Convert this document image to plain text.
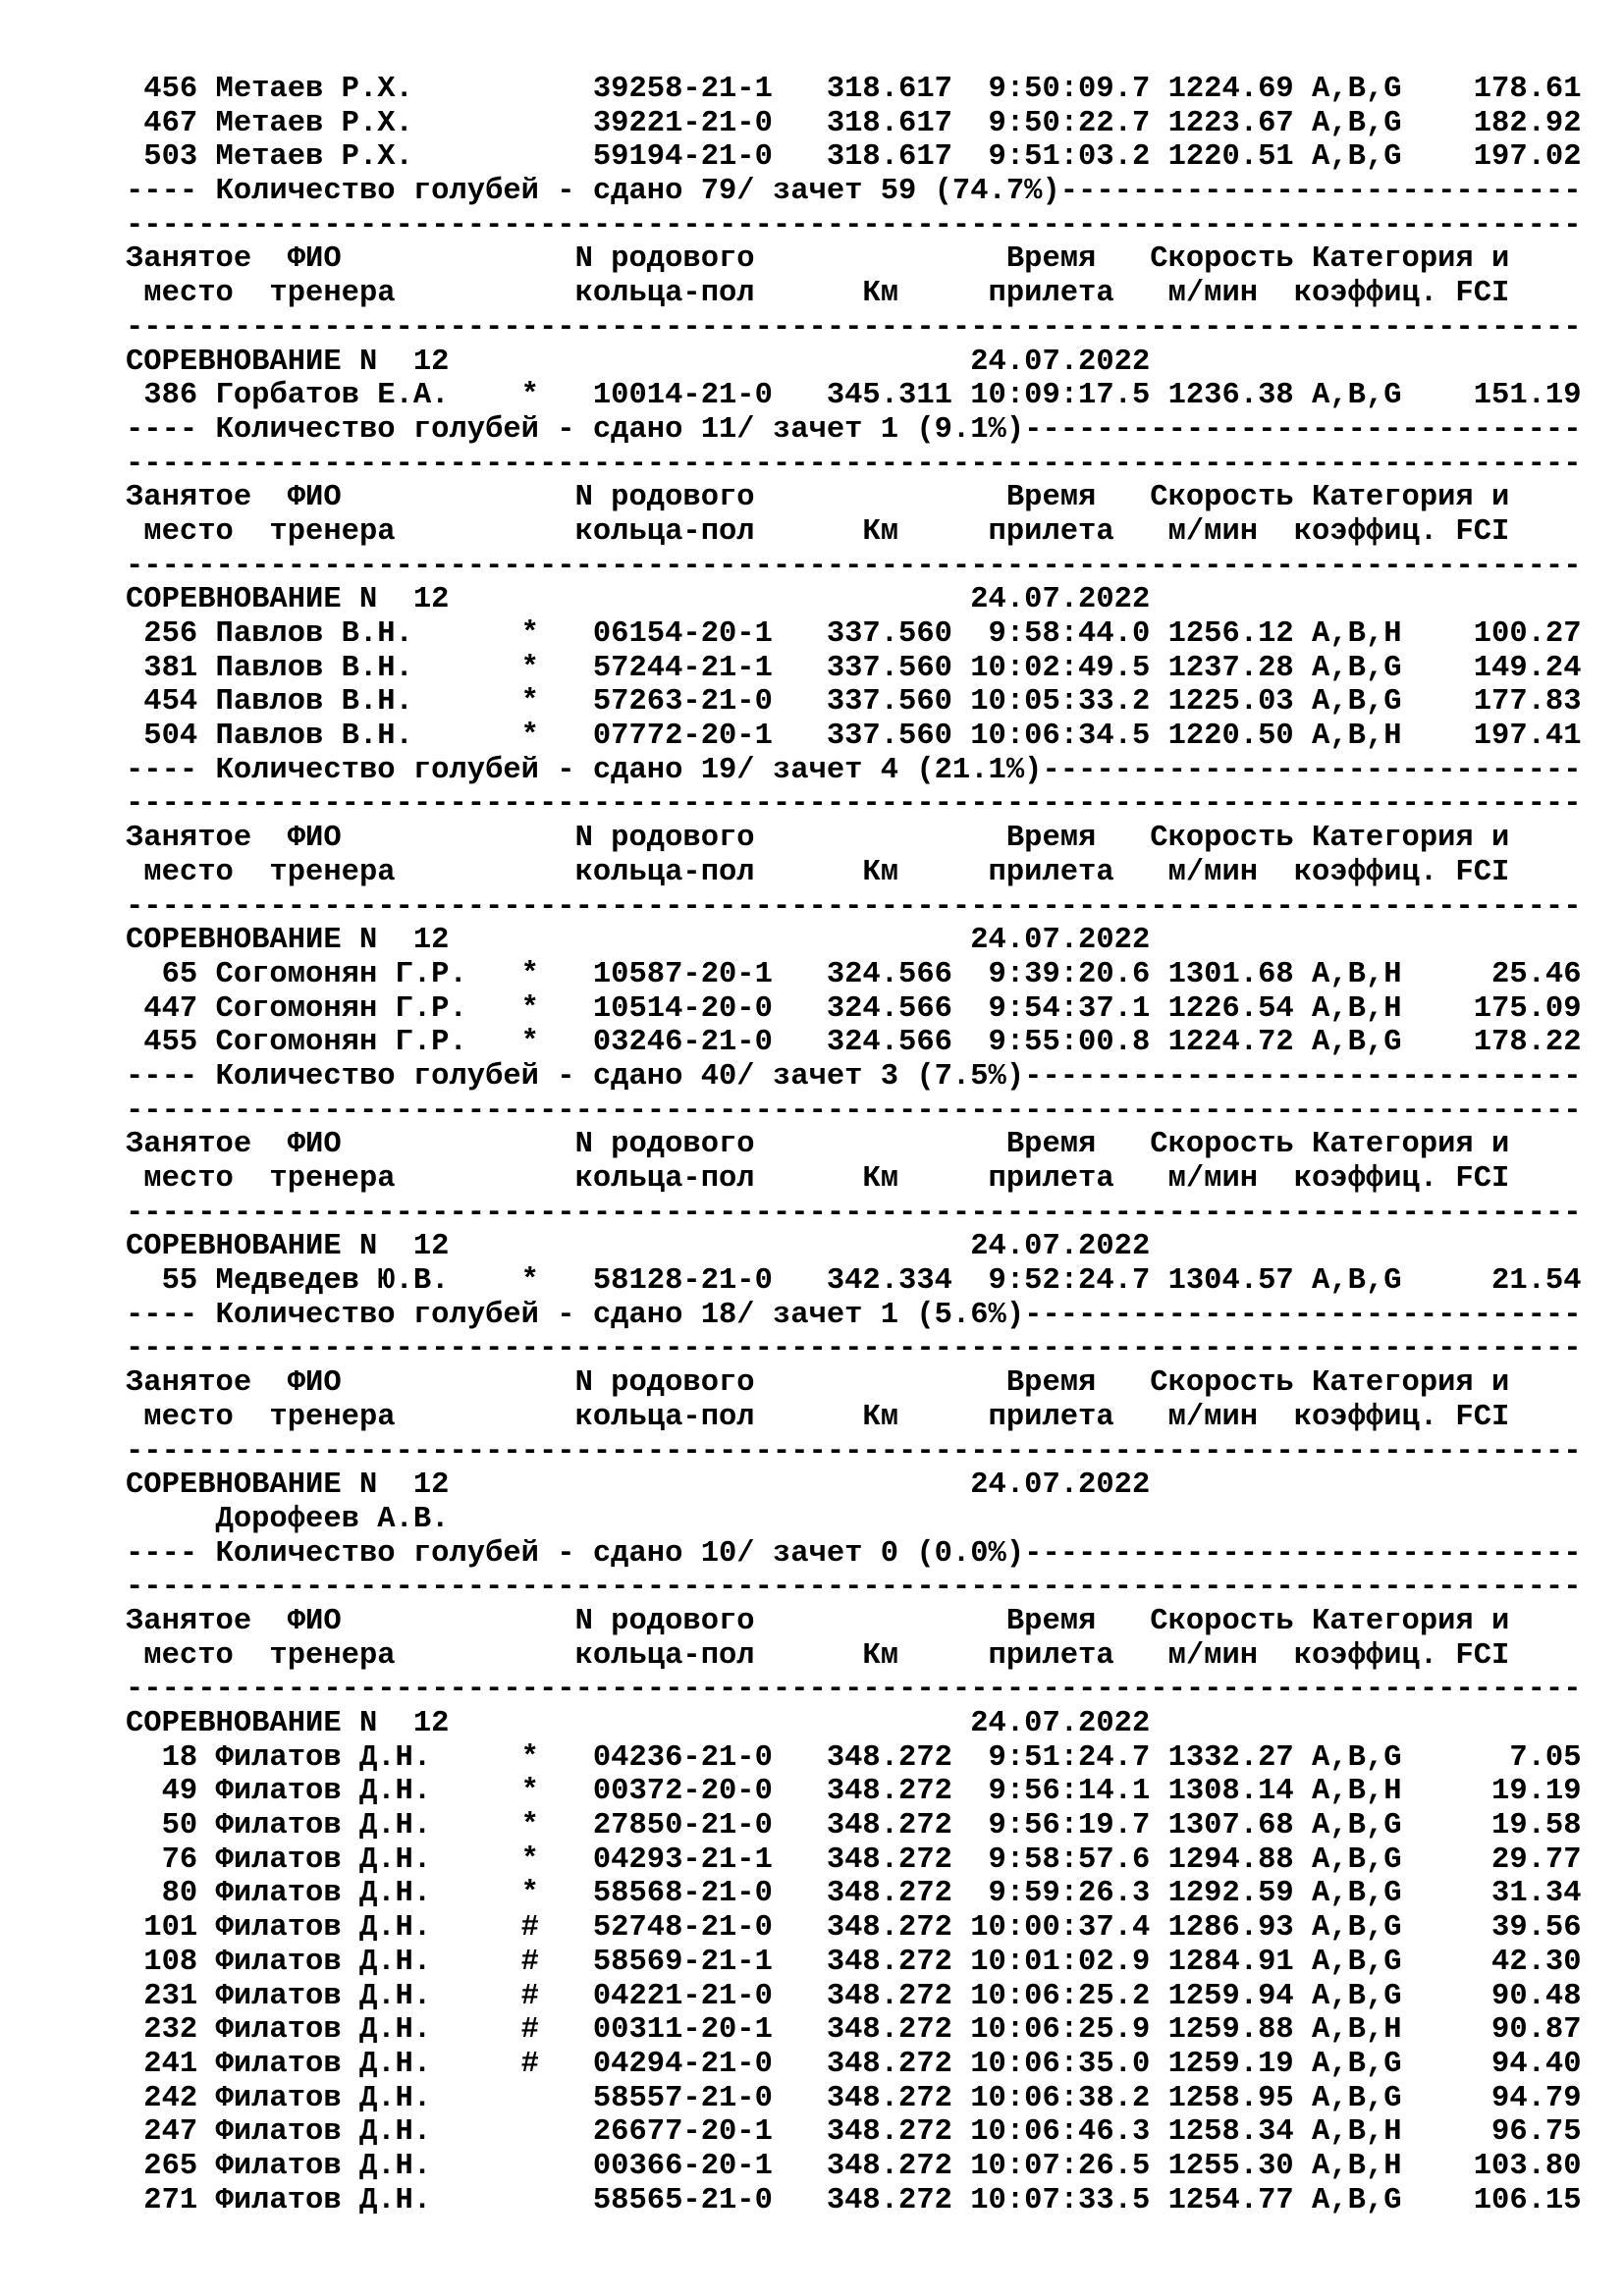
456 Метаев Р.Х.          39258-21-1   318.617  9:50:09.7 1224.69 A,B,G    178.61
467 Метаев Р.Х.          39221-21-0   318.617  9:50:22.7 1223.67 A,B,G    182.92
503 Метаев Р.Х.          59194-21-0   318.617  9:51:03.2 1220.51 A,B,G    197.02
---- Количество голубей - сдано 79/ зачет 59 (74.7%)-----------------------------
---------------------------------------------------------------------------------
Занятое  ФИО             N родового              Время   Скорость Категория и
место  тренера          кольца-пол      Км     прилета   м/мин  коэффиц. FCI
---------------------------------------------------------------------------------
СОРЕВНОВАНИЕ N  12                             24.07.2022
386 Горбатов Е.А.    *   10014-21-0   345.311 10:09:17.5 1236.38 A,B,G    151.19
---- Количество голубей - сдано 11/ зачет 1 (9.1%)-------------------------------
---------------------------------------------------------------------------------
Занятое  ФИО             N родового              Время   Скорость Категория и
место  тренера          кольца-пол      Км     прилета   м/мин  коэффиц. FCI
---------------------------------------------------------------------------------
СОРЕВНОВАНИЕ N  12                             24.07.2022
256 Павлов В.Н.      *   06154-20-1   337.560  9:58:44.0 1256.12 A,B,H    100.27
381 Павлов В.Н.      *   57244-21-1   337.560 10:02:49.5 1237.28 A,B,G    149.24
454 Павлов В.Н.      *   57263-21-0   337.560 10:05:33.2 1225.03 A,B,G    177.83
504 Павлов В.Н.      *   07772-20-1   337.560 10:06:34.5 1220.50 A,B,H    197.41
---- Количество голубей - сдано 19/ зачет 4 (21.1%)------------------------------
---------------------------------------------------------------------------------
Занятое  ФИО             N родового              Время   Скорость Категория и
место  тренера          кольца-пол      Км     прилета   м/мин  коэффиц. FCI
---------------------------------------------------------------------------------
СОРЕВНОВАНИЕ N  12                             24.07.2022
65 Согомонян Г.Р.   *   10587-20-1   324.566  9:39:20.6 1301.68 A,B,H     25.46
447 Согомонян Г.Р.   *   10514-20-0   324.566  9:54:37.1 1226.54 A,B,H    175.09
455 Согомонян Г.Р.   *   03246-21-0   324.566  9:55:00.8 1224.72 A,B,G    178.22
---- Количество голубей - сдано 40/ зачет 3 (7.5%)-------------------------------
---------------------------------------------------------------------------------
Занятое  ФИО             N родового              Время   Скорость Категория и
место  тренера          кольца-пол      Км     прилета   м/мин  коэффиц. FCI
---------------------------------------------------------------------------------
СОРЕВНОВАНИЕ N  12                             24.07.2022
55 Медведев Ю.В.    *   58128-21-0   342.334  9:52:24.7 1304.57 A,B,G     21.54
---- Количество голубей - сдано 18/ зачет 1 (5.6%)-------------------------------
---------------------------------------------------------------------------------
Занятое  ФИО             N родового              Время   Скорость Категория и
место  тренера          кольца-пол      Км     прилета   м/мин  коэффиц. FCI
---------------------------------------------------------------------------------
СОРЕВНОВАНИЕ N  12                             24.07.2022
Дорофеев А.В.
---- Количество голубей - сдано 10/ зачет 0 (0.0%)-------------------------------
---------------------------------------------------------------------------------
Занятое  ФИО             N родового              Время   Скорость Категория и
место  тренера          кольца-пол      Км     прилета   м/мин  коэффиц. FCI
---------------------------------------------------------------------------------
СОРЕВНОВАНИЕ N  12                             24.07.2022
18 Филатов Д.Н.     *   04236-21-0   348.272  9:51:24.7 1332.27 A,B,G      7.05
49 Филатов Д.Н.     *   00372-20-0   348.272  9:56:14.1 1308.14 A,B,H     19.19
50 Филатов Д.Н.     *   27850-21-0   348.272  9:56:19.7 1307.68 A,B,G     19.58
76 Филатов Д.Н.     *   04293-21-1   348.272  9:58:57.6 1294.88 A,B,G     29.77
80 Филатов Д.Н.     *   58568-21-0   348.272  9:59:26.3 1292.59 A,B,G     31.34
101 Филатов Д.Н.     #   52748-21-0   348.272 10:00:37.4 1286.93 A,B,G     39.56
108 Филатов Д.Н.     #   58569-21-1   348.272 10:01:02.9 1284.91 A,B,G     42.30
231 Филатов Д.Н.     #   04221-21-0   348.272 10:06:25.2 1259.94 A,B,G     90.48
232 Филатов Д.Н.     #   00311-20-1   348.272 10:06:25.9 1259.88 A,B,H     90.87
241 Филатов Д.Н.     #   04294-21-0   348.272 10:06:35.0 1259.19 A,B,G     94.40
242 Филатов Д.Н.         58557-21-0   348.272 10:06:38.2 1258.95 A,B,G     94.79
247 Филатов Д.Н.         26677-20-1   348.272 10:06:46.3 1258.34 A,B,H     96.75
265 Филатов Д.Н.         00366-20-1   348.272 10:07:26.5 1255.30 A,B,H    103.80
271 Филатов Д.Н.         58565-21-0   348.272 10:07:33.5 1254.77 A,B,G    106.15
